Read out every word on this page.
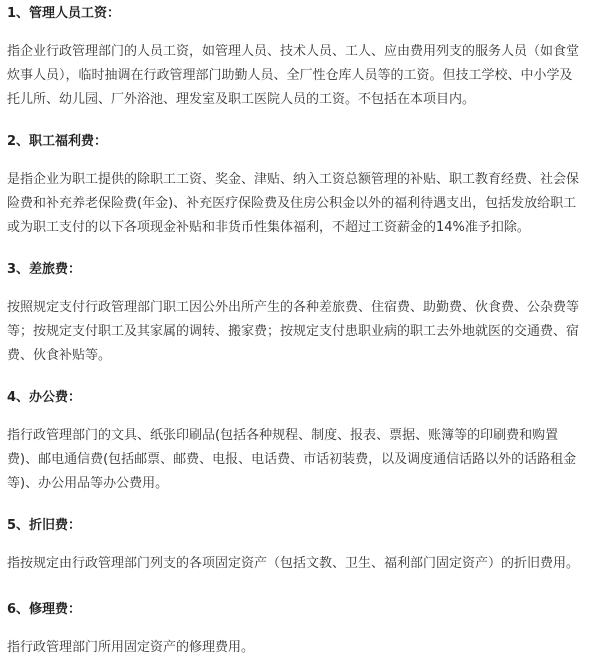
1、管理人员工资：
指企业行政管理部门的人员工资，如管理人员、技术人员、工人、应由费用列支的服务人员（如食堂
炊事人员），临时抽调在行政管理部门助勤人员、全厂性仓库人员等的工资。但技工学校、中小学及
托儿所、幼儿园、厂外浴池、理发室及职工医院人员的工资。不包括在本项目内。
2、职工福利费：
是指企业为职工提供的除职工工资、奖金、津贴、纳入工资总额管理的补贴、职工教育经费、社会保
险费和补充养老保险费(年金)、补充医疗保险费及住房公积金以外的福利待遇支出，包括发放给职工
或为职工支付的以下各项现金补贴和非货币性集体福利，不超过工资薪金的14%准予扣除。
3、差旅费：
按照规定支付行政管理部门职工因公外出所产生的各种差旅费、住宿费、助勤费、伙食费、公杂费等
等；按规定支付职工及其家属的调转、搬家费；按规定支付患职业病的职工去外地就医的交通费、宿
费、伙食补贴等。
4、办公费：
指行政管理部门的文具、纸张印刷品(包括各种规程、制度、报表、票据、账簿等的印刷费和购置
费)、邮电通信费(包括邮票、邮费、电报、电话费、市话初装费，以及调度通信话路以外的话路租金
等)、办公用品等办公费用。
5、折旧费：
指按规定由行政管理部门列支的各项固定资产（包括文教、卫生、福利部门固定资产）的折旧费用。
6、修理费：
指行政管理部门所用固定资产的修理费用。
